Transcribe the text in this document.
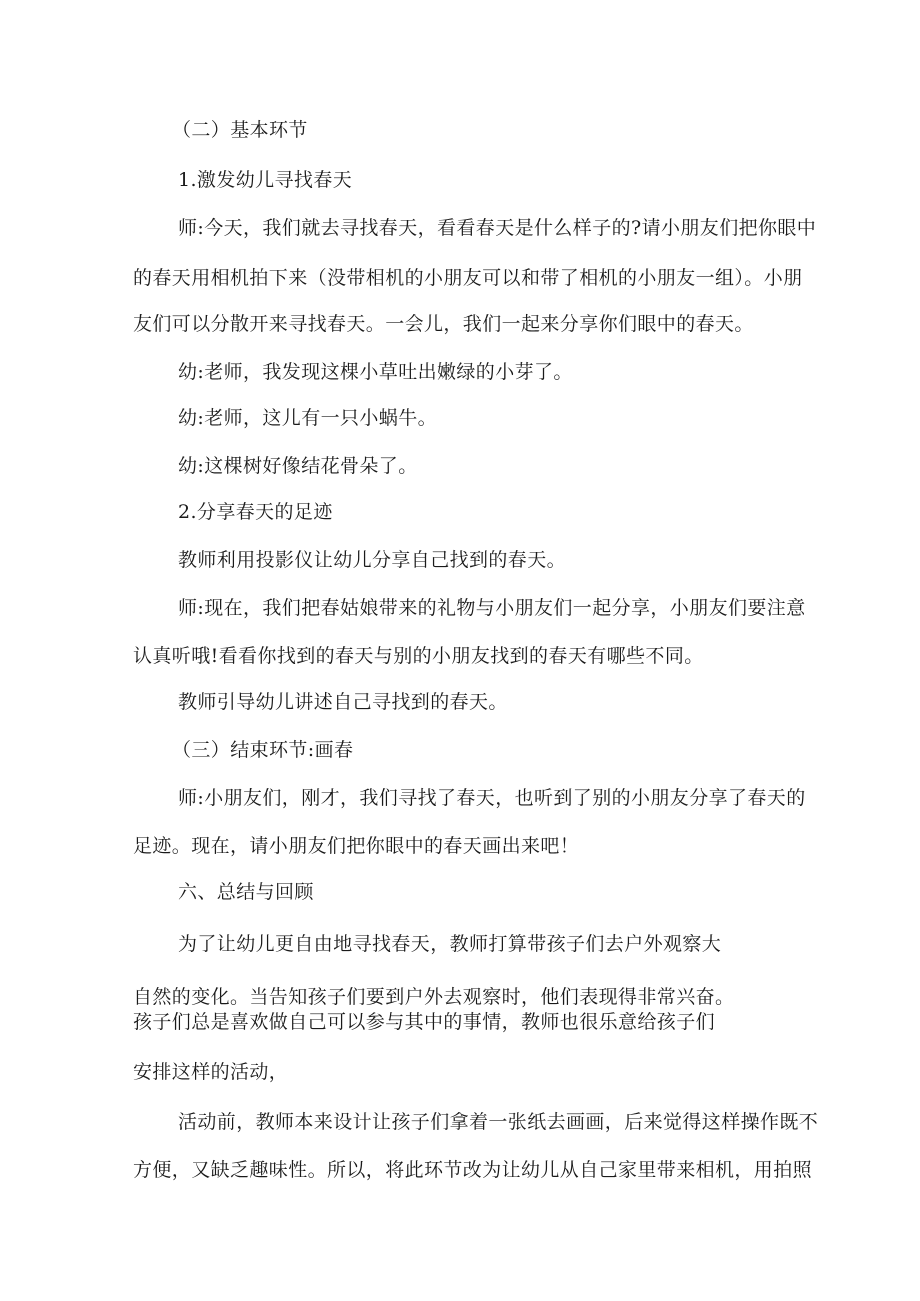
（二）基本环节
1.激发幼儿寻找春天
师:今天，我们就去寻找春天，看看春天是什么样子的?请小朋友们把你眼中
的春天用相机拍下来（没带相机的小朋友可以和带了相机的小朋友一组）。小朋
友们可以分散开来寻找春天。一会儿，我们一起来分享你们眼中的春天。
幼:老师，我发现这棵小草吐出嫩绿的小芽了。
幼:老师，这儿有一只小蜗牛。
幼:这棵树好像结花骨朵了。
2.分享春天的足迹
教师利用投影仪让幼儿分享自己找到的春天。
师:现在，我们把春姑娘带来的礼物与小朋友们一起分享，小朋友们要注意
认真听哦!看看你找到的春天与别的小朋友找到的春天有哪些不同。
教师引导幼儿讲述自己寻找到的春天。
（三）结束环节:画春
师:小朋友们，刚才，我们寻找了春天，也听到了别的小朋友分享了春天的
足迹。现在，请小朋友们把你眼中的春天画出来吧！
六、总结与回顾
为了让幼儿更自由地寻找春天，教师打算带孩子们去户外观察大
自然的变化。当告知孩子们要到户外去观察时，他们表现得非常兴奋。
孩子们总是喜欢做自己可以参与其中的事情，教师也很乐意给孩子们
安排这样的活动，
活动前，教师本来设计让孩子们拿着一张纸去画画，后来觉得这样操作既不
方便，又缺乏趣味性。所以，将此环节改为让幼儿从自己家里带来相机，用拍照
